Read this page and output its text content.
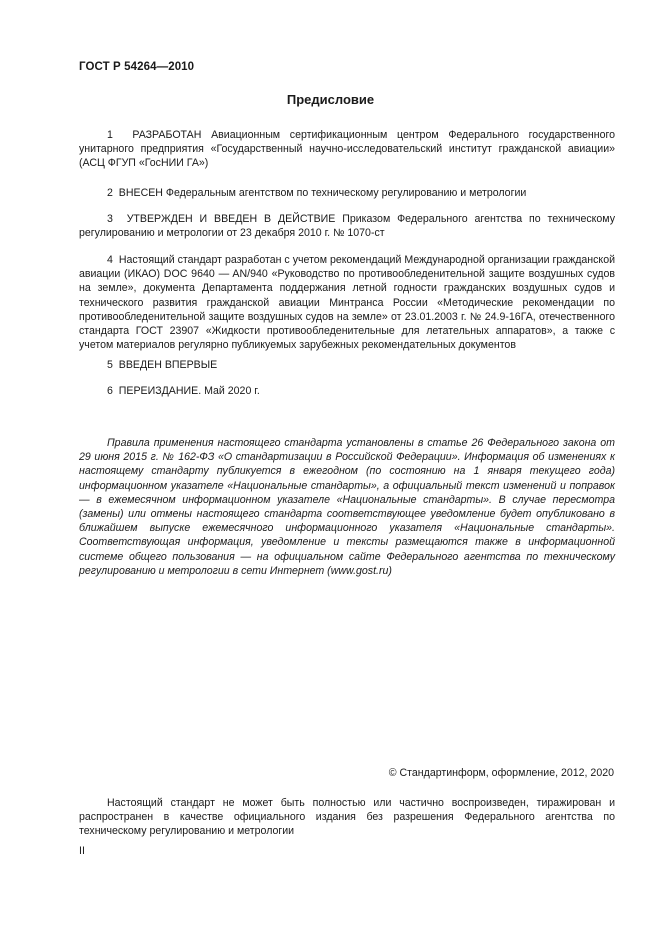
ГОСТ Р 54264—2010
Предисловие

1 РАЗРАБОТАН Авиационным сертификационным центром Федерального государственного унитарного предприятия «Государственный научно-исследовательский институт гражданской авиации» (АСЦ ФГУП «ГосНИИ ГА»)

2 ВНЕСЕН Федеральным агентством по техническому регулированию и метрологии

3 УТВЕРЖДЕН И ВВЕДЕН В ДЕЙСТВИЕ Приказом Федерального агентства по техническому регулированию и метрологии от 23 декабря 2010 г. № 1070-ст

4 Настоящий стандарт разработан с учетом рекомендаций Международной организации гражданской авиации (ИКАО) DOC 9640 — AN/940 «Руководство по противообледенительной защите воздушных судов на земле», документа Департамента поддержания летной годности гражданских воздушных судов и технического развития гражданской авиации Минтранса России «Методические рекомендации по противообледенительной защите воздушных судов на земле» от 23.01.2003 г. № 24.9-16ГА, отечественного стандарта ГОСТ 23907 «Жидкости противообледенительные для летательных аппаратов», а также с учетом материалов регулярно публикуемых зарубежных рекомендательных документов

5 ВВЕДЕН ВПЕРВЫЕ

6 ПЕРЕИЗДАНИЕ. Май 2020 г.

Правила применения настоящего стандарта установлены в статье 26 Федерального закона от 29 июня 2015 г. № 162-ФЗ «О стандартизации в Российской Федерации». Информация об изменениях к настоящему стандарту публикуется в ежегодном (по состоянию на 1 января текущего года) информационном указателе «Национальные стандарты», а официальный текст изменений и поправок — в ежемесячном информационном указателе «Национальные стандарты». В случае пересмотра (замены) или отмены настоящего стандарта соответствующее уведомление будет опубликовано в ближайшем выпуске ежемесячного информационного указателя «Национальные стандарты». Соответствующая информация, уведомление и тексты размещаются также в информационной системе общего пользования — на официальном сайте Федерального агентства по техническому регулированию и метрологии в сети Интернет (www.gost.ru)

© Стандартинформ, оформление, 2012, 2020

Настоящий стандарт не может быть полностью или частично воспроизведен, тиражирован и распространен в качестве официального издания без разрешения Федерального агентства по техническому регулированию и метрологии

II
